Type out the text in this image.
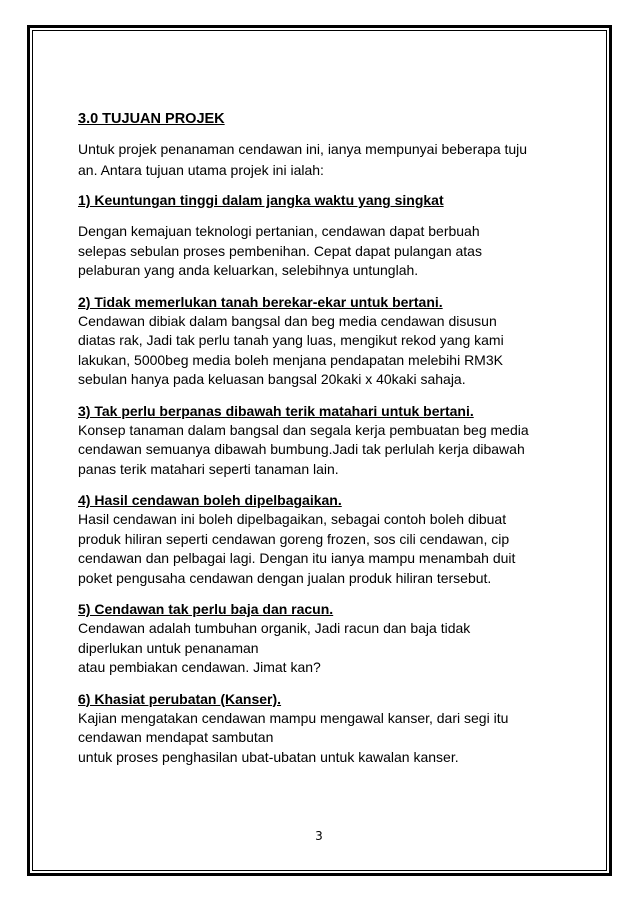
3.0 TUJUAN PROJEK

Untuk projek penanaman cendawan ini, ianya mempunyai beberapa tuju
an. Antara tujuan utama projek ini ialah:

1) Keuntungan tinggi dalam jangka waktu yang singkat

Dengan kemajuan teknologi pertanian, cendawan dapat berbuah
selepas sebulan proses pembenihan. Cepat dapat pulangan atas
pelaburan yang anda keluarkan, selebihnya untunglah.

2) Tidak memerlukan tanah berekar-ekar untuk bertani.

Cendawan dibiak dalam bangsal dan beg media cendawan disusun
diatas rak, Jadi tak perlu tanah yang luas, mengikut rekod yang kami
lakukan, 5000beg media boleh menjana pendapatan melebihi RM3K
sebulan hanya pada keluasan bangsal 20kaki x 40kaki sahaja.

3) Tak perlu berpanas dibawah terik matahari untuk bertani.

Konsep tanaman dalam bangsal dan segala kerja pembuatan beg media
cendawan semuanya dibawah bumbung.Jadi tak perlulah kerja dibawah
panas terik matahari seperti tanaman lain.

4) Hasil cendawan boleh dipelbagaikan.

Hasil cendawan ini boleh dipelbagaikan, sebagai contoh boleh dibuat
produk hiliran seperti cendawan goreng frozen, sos cili cendawan, cip
cendawan dan pelbagai lagi. Dengan itu ianya mampu menambah duit
poket pengusaha cendawan dengan jualan produk hiliran tersebut.

5) Cendawan tak perlu baja dan racun.

Cendawan adalah tumbuhan organik, Jadi racun dan baja tidak
diperlukan untuk penanaman
atau pembiakan cendawan. Jimat kan?

6) Khasiat perubatan (Kanser).

Kajian mengatakan cendawan mampu mengawal kanser, dari segi itu
cendawan mendapat sambutan
untuk proses penghasilan ubat-ubatan untuk kawalan kanser.

3
